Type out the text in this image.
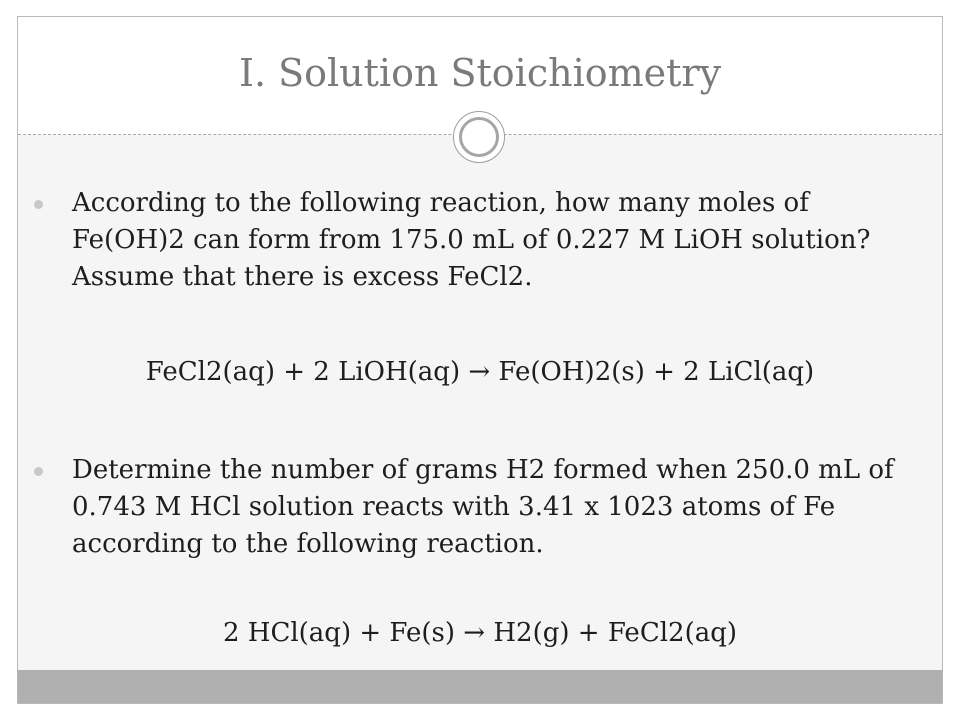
I. Solution Stoichiometry
According to the following reaction, how many moles of Fe(OH)2 can form from 175.0 mL of 0.227 M LiOH solution? Assume that there is excess FeCl2.
FeCl2(aq) + 2 LiOH(aq) → Fe(OH)2(s) + 2 LiCl(aq)
Determine the number of grams H2 formed when 250.0 mL of 0.743 M HCl solution reacts with 3.41 x 1023 atoms of Fe according to the following reaction.
2 HCl(aq) + Fe(s) → H2(g) + FeCl2(aq)
